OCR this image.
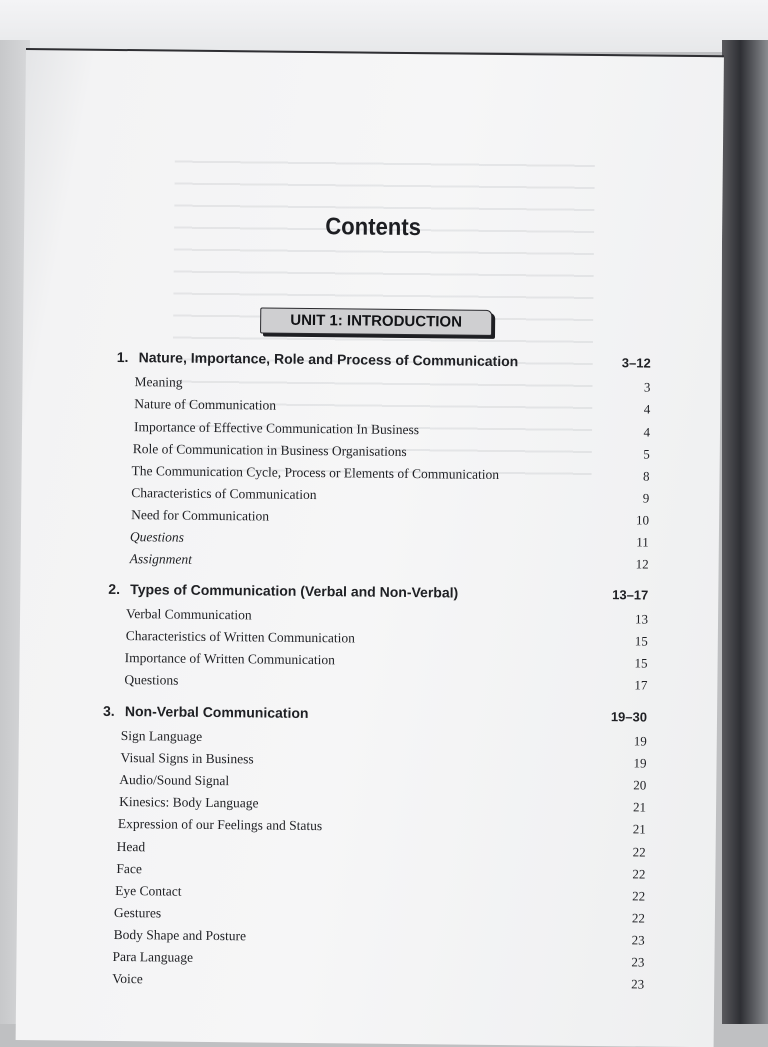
Contents
UNIT 1: INTRODUCTION
1. Nature, Importance, Role and Process of Communication	3–12
Meaning	3
Nature of Communication	4
Importance of Effective Communication In Business	4
Role of Communication in Business Organisations	5
The Communication Cycle, Process or Elements of Communication	8
Characteristics of Communication	9
Need for Communication	10
Questions	11
Assignment	12
2. Types of Communication (Verbal and Non-Verbal)	13–17
Verbal Communication	13
Characteristics of Written Communication	15
Importance of Written Communication	15
Questions	17
3. Non-Verbal Communication	19–30
Sign Language	19
Visual Signs in Business	19
Audio/Sound Signal	20
Kinesics: Body Language	21
Expression of our Feelings and Status	21
Head	22
Face	22
Eye Contact	22
Gestures	22
Body Shape and Posture	23
Para Language	23
Voice	23
